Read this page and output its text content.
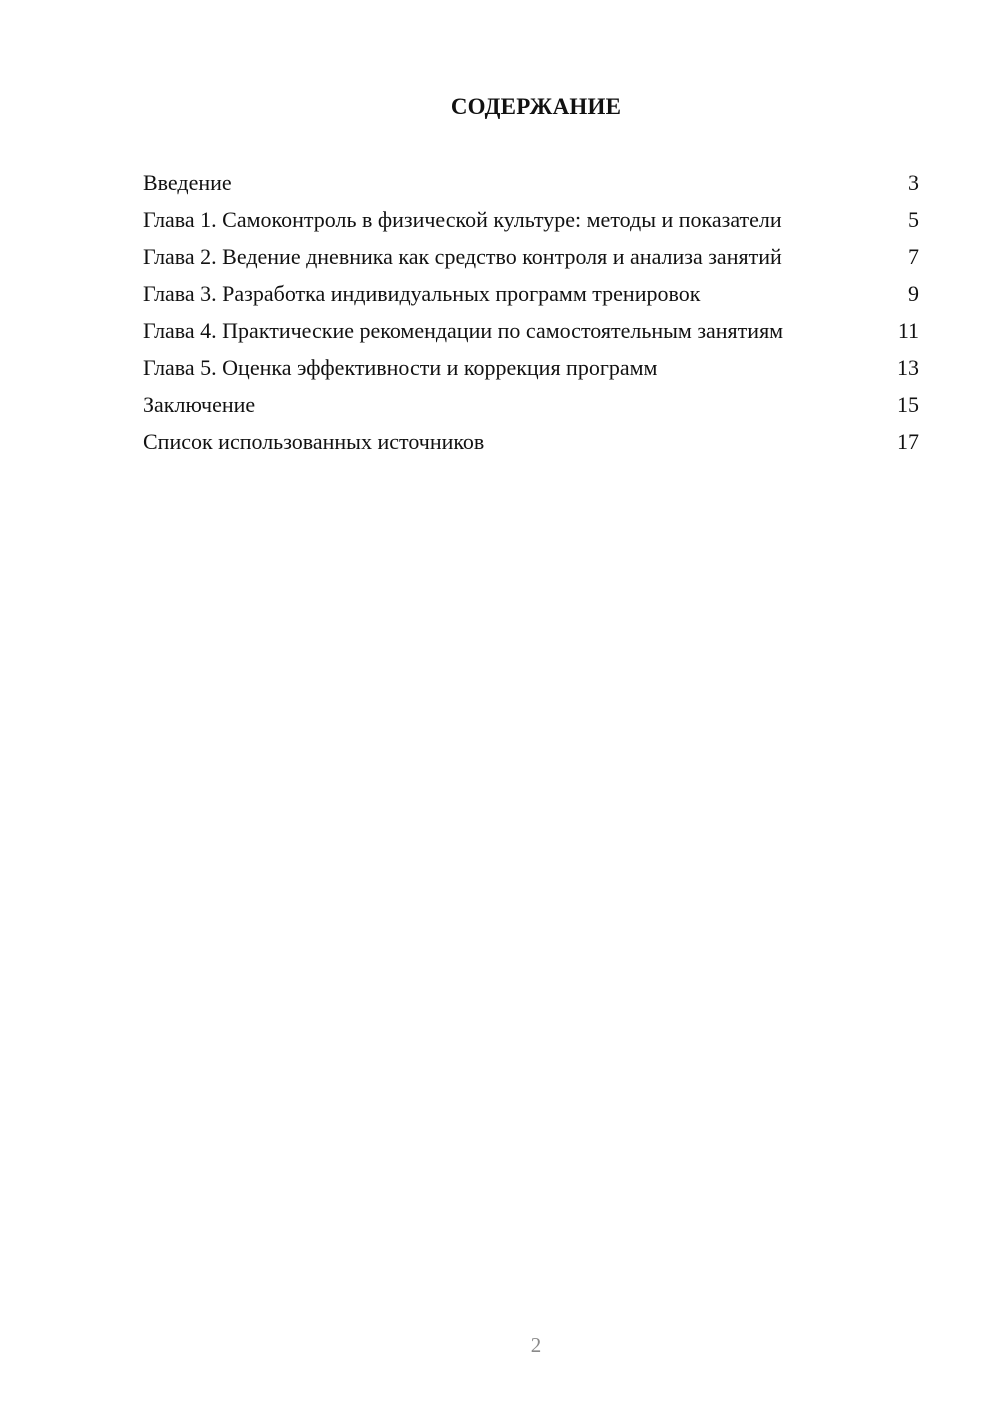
СОДЕРЖАНИЕ
Введение	3
Глава 1. Самоконтроль в физической культуре: методы и показатели	5
Глава 2. Ведение дневника как средство контроля и анализа занятий	7
Глава 3. Разработка индивидуальных программ тренировок	9
Глава 4. Практические рекомендации по самостоятельным занятиям	11
Глава 5. Оценка эффективности и коррекция программ	13
Заключение	15
Список использованных источников	17
2
